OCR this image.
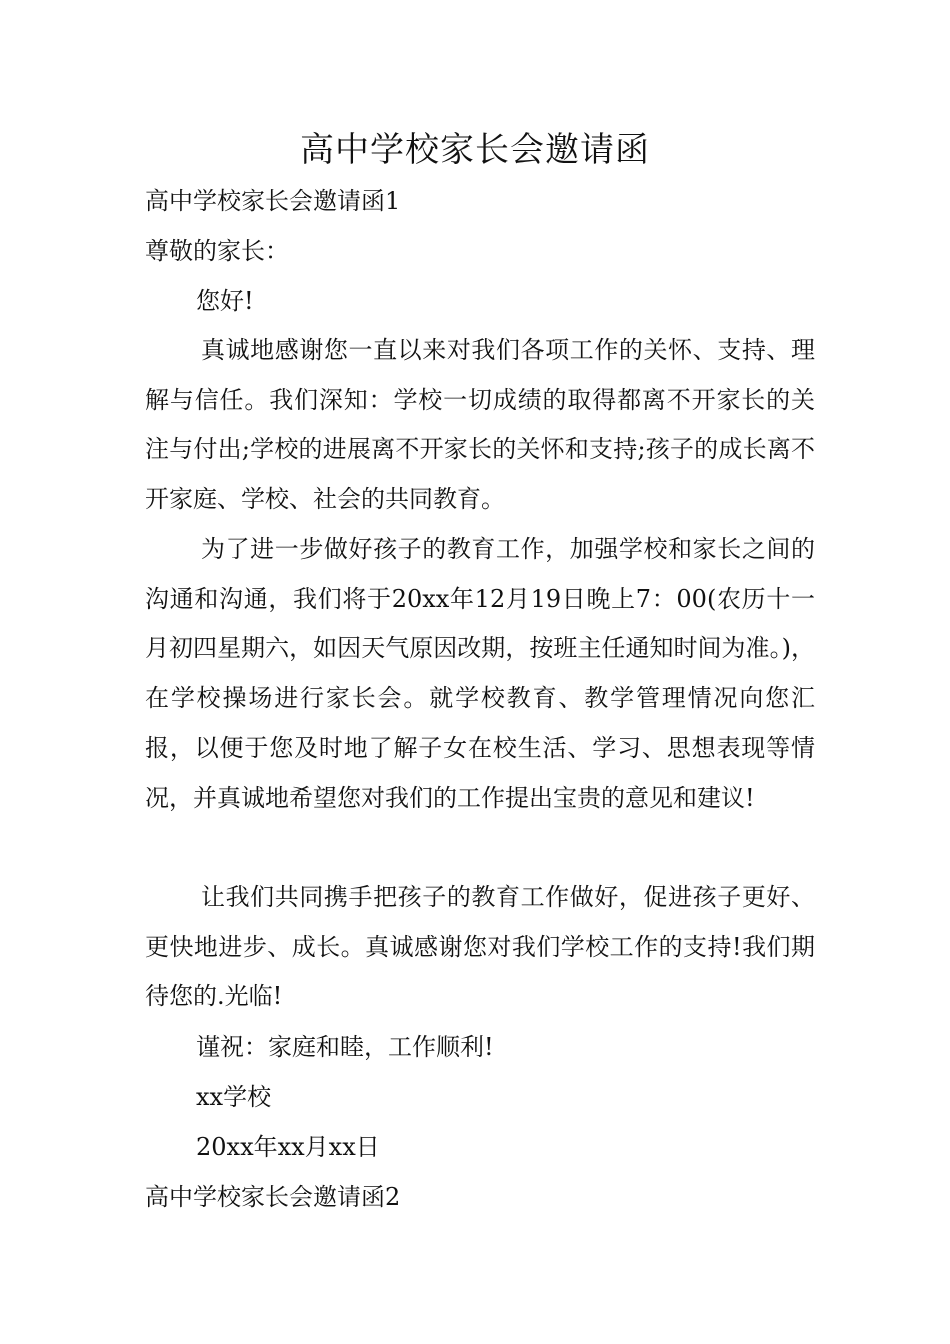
高中学校家长会邀请函

高中学校家长会邀请函1

尊敬的家长：

您好!

真诚地感谢您一直以来对我们各项工作的关怀、支持、理解与信任。我们深知：学校一切成绩的取得都离不开家长的关注与付出;学校的进展离不开家长的关怀和支持;孩子的成长离不开家庭、学校、社会的共同教育。

为了进一步做好孩子的教育工作，加强学校和家长之间的沟通和沟通，我们将于20xx年12月19日晚上7：00(农历十一月初四星期六，如因天气原因改期，按班主任通知时间为准。)，在学校操场进行家长会。就学校教育、教学管理情况向您汇报，以便于您及时地了解子女在校生活、学习、思想表现等情况，并真诚地希望您对我们的工作提出宝贵的意见和建议!

让我们共同携手把孩子的教育工作做好，促进孩子更好、更快地进步、成长。真诚感谢您对我们学校工作的支持!我们期待您的.光临!

谨祝：家庭和睦，工作顺利!

xx学校

20xx年xx月xx日

高中学校家长会邀请函2
